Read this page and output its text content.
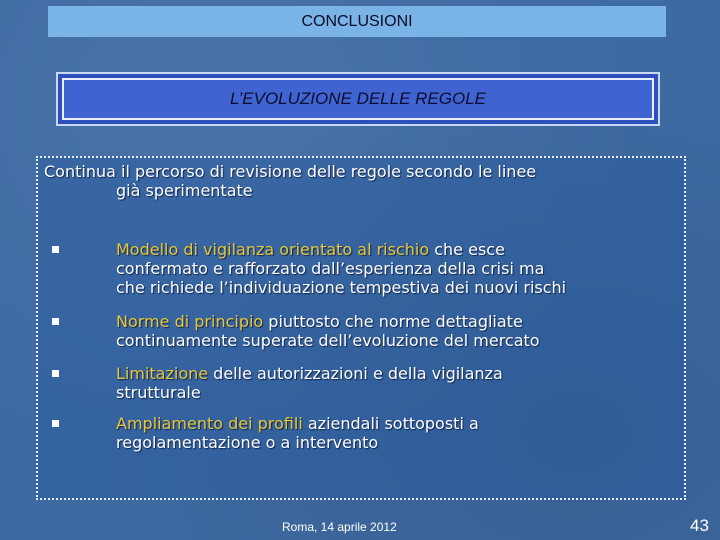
CONCLUSIONI
L’EVOLUZIONE DELLE REGOLE
Continua il percorso di revisione delle regole secondo le linee
già sperimentate
Modello di vigilanza orientato al rischio che esce
confermato e rafforzato dall’esperienza della crisi ma
che richiede l’individuazione tempestiva dei nuovi rischi
Norme di principio piuttosto che norme dettagliate
continuamente superate dell’evoluzione del mercato
Limitazione delle autorizzazioni e della vigilanza
strutturale
Ampliamento dei profili aziendali sottoposti a
regolamentazione o a intervento
Roma, 14 aprile 2012	43
